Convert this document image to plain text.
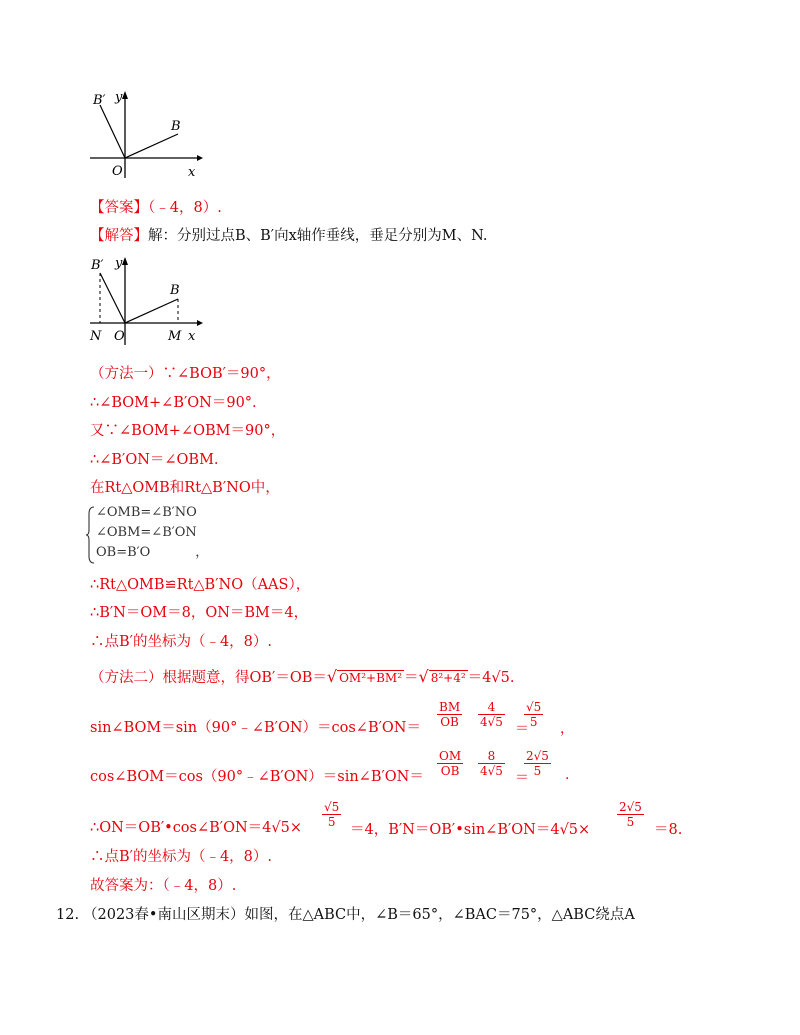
B′ y
B
O	x
【答案】（﹣4，8）.
【解答】解：分别过点B、B′向x轴作垂线，垂足分别为M、N.
B′ y
B
N O	M x
（方法一）∵∠BOB′＝90°，
∴∠BOM+∠B′ON＝90°.
又∵∠BOM+∠OBM＝90°，
∴∠B′ON＝∠OBM.
在Rt△OMB和Rt△B′NO中，
∠OMB=∠B′NO
∠OBM=∠B′ON
OB=B′O	，
∴Rt△OMB≌Rt△B′NO（AAS），
∴B′N＝OM＝8，ON＝BM＝4，
∴点B′的坐标为（﹣4，8）.
（方法二）根据题意，得OB′＝OB＝√ OM²+BM² ＝√ 8²+4² ＝4√5.
sin∠BOM＝sin（90°﹣∠B′ON）＝cos∠B′ON＝ $\frac{BM}{OB} \frac{4}{4√5} \frac{√5}{5}$
＝ ，
cos∠BOM＝cos（90°﹣∠B′ON）＝sin∠B′ON＝ $\frac{OM}{OB} \frac{8}{4√5} \frac{2√5}{5}$
＝	.
∴ON＝OB′•cos∠B′ON＝4√5× $\frac{√5}{5}$
＝4，B′N＝OB′•sin∠B′ON＝4√5×
$\frac{2√5}{5}$
＝8.
∴点B′的坐标为（﹣4，8）.
故答案为：（﹣4，8）.
12. （2023春•南山区期末）如图，在△ABC中，∠B＝65°，∠BAC＝75°，△ABC绕点A
